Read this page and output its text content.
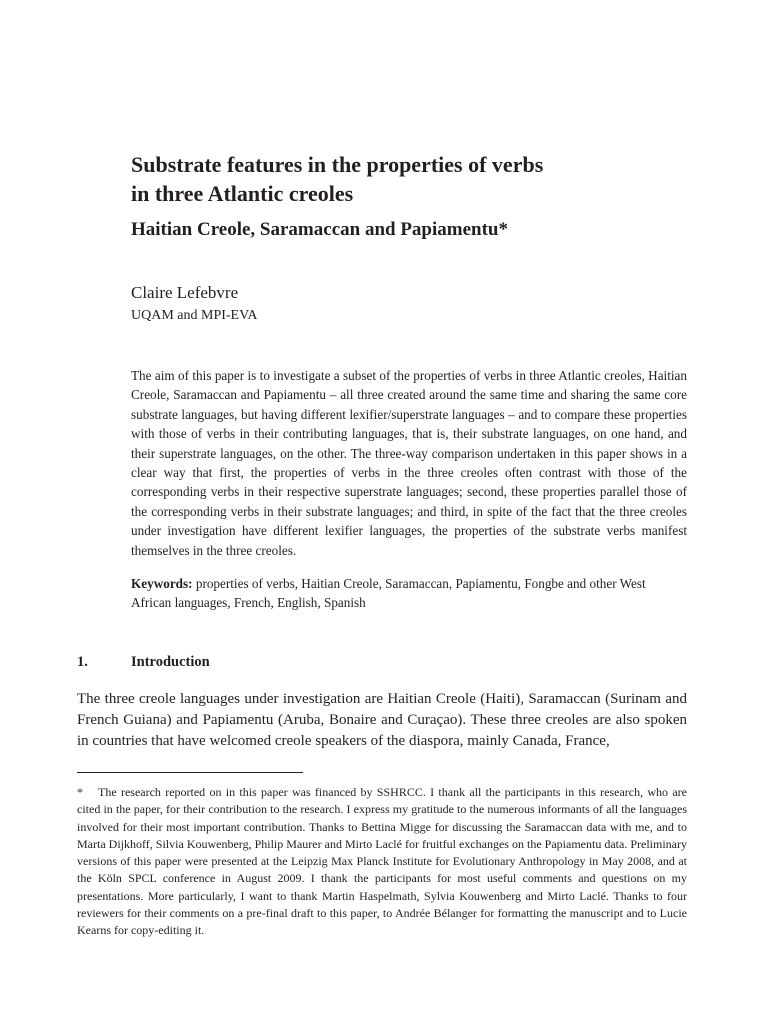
Substrate features in the properties of verbs
in three Atlantic creoles
Haitian Creole, Saramaccan and Papiamentu*

Claire Lefebvre

UQAM and MPI-EVA

The aim of this paper is to investigate a subset of the properties of verbs in three Atlantic creoles, Haitian Creole, Saramaccan and Papiamentu – all three created around the same time and sharing the same core substrate languages, but having different lexifier/superstrate languages – and to compare these properties with those of verbs in their contributing languages, that is, their substrate languages, on one hand, and their superstrate languages, on the other. The three-way comparison undertaken in this paper shows in a clear way that first, the properties of verbs in the three creoles often contrast with those of the corresponding verbs in their respective superstrate languages; second, these properties parallel those of the corresponding verbs in their substrate languages; and third, in spite of the fact that the three creoles under investigation have different lexifier languages, the properties of the substrate verbs manifest themselves in the three creoles.

Keywords: properties of verbs, Haitian Creole, Saramaccan, Papiamentu, Fongbe and other West African languages, French, English, Spanish

1.	Introduction

The three creole languages under investigation are Haitian Creole (Haiti), Saramaccan (Surinam and French Guiana) and Papiamentu (Aruba, Bonaire and Curaçao). These three creoles are also spoken in countries that have welcomed creole speakers of the diaspora, mainly Canada, France,

* The research reported on in this paper was financed by SSHRCC. I thank all the participants in this research, who are cited in the paper, for their contribution to the research. I express my gratitude to the numerous informants of all the languages involved for their most important contribution. Thanks to Bettina Migge for discussing the Saramaccan data with me, and to Marta Dijkhoff, Silvia Kouwenberg, Philip Maurer and Mirto Laclé for fruitful exchanges on the Papiamentu data. Preliminary versions of this paper were presented at the Leipzig Max Planck Institute for Evolutionary Anthropology in May 2008, and at the Köln SPCL conference in August 2009. I thank the participants for most useful comments and questions on my presentations. More particularly, I want to thank Martin Haspelmath, Sylvia Kouwenberg and Mirto Laclé. Thanks to four reviewers for their comments on a pre-final draft to this paper, to Andrée Bélanger for formatting the manuscript and to Lucie Kearns for copy-editing it.
